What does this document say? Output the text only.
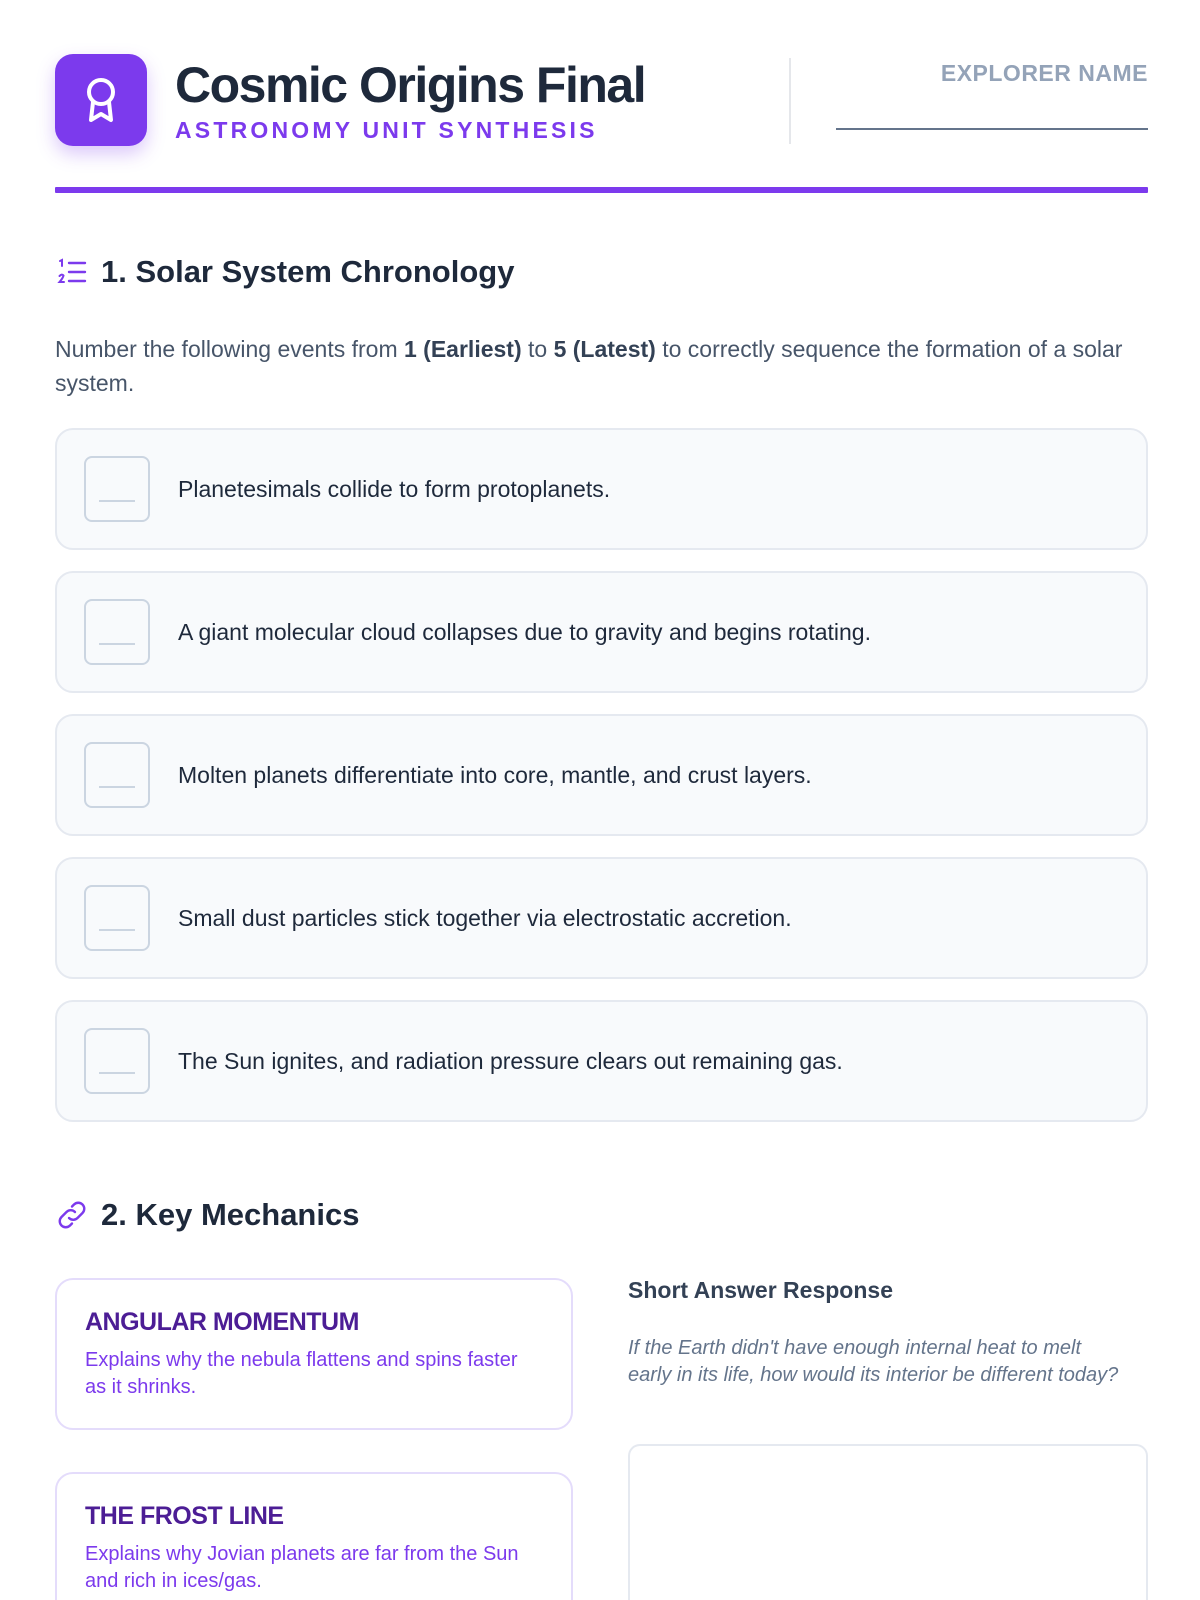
Cosmic Origins Final
ASTRONOMY UNIT SYNTHESIS
EXPLORER NAME
1. Solar System Chronology

Number the following events from 1 (Earliest) to 5 (Latest) to correctly sequence the formation of a solar system.

Planetesimals collide to form protoplanets.
A giant molecular cloud collapses due to gravity and begins rotating.
Molten planets differentiate into core, mantle, and crust layers.
Small dust particles stick together via electrostatic accretion.
The Sun ignites, and radiation pressure clears out remaining gas.
2. Key Mechanics
ANGULAR MOMENTUM
Explains why the nebula flattens and spins faster as it shrinks.
THE FROST LINE
Explains why Jovian planets are far from the Sun and rich in ices/gas.
Short Answer Response
If the Earth didn't have enough internal heat to melt early in its life, how would its interior be different today?
